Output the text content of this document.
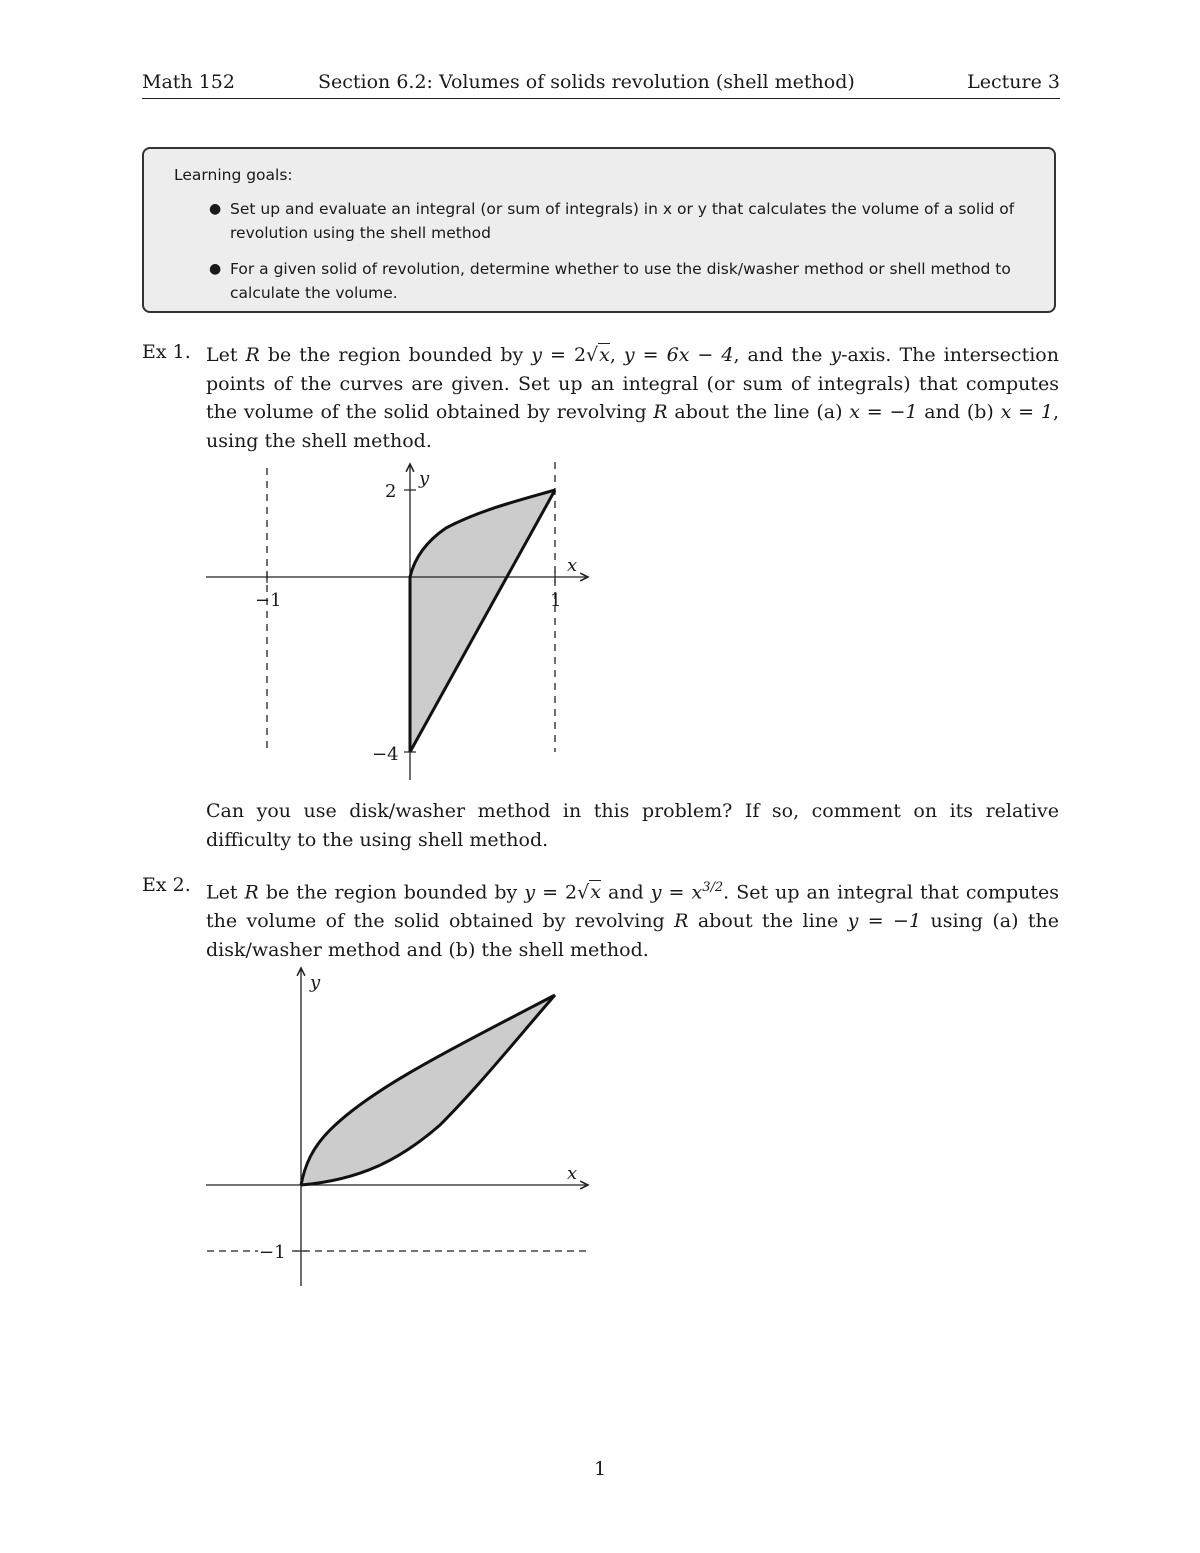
Math 152	Section 6.2: Volumes of solids revolution (shell method)	Lecture 3
Learning goals:
● Set up and evaluate an integral (or sum of integrals) in x or y that calculates the volume of a solid of revolution using the shell method
● For a given solid of revolution, determine whether to use the disk/washer method or shell method to calculate the volume.
Ex 1. Let R be the region bounded by y = 2√x, y = 6x − 4, and the y-axis. The intersection points of the curves are given. Set up an integral (or sum of integrals) that computes the volume of the solid obtained by revolving R about the line (a) x = −1 and (b) x = 1, using the shell method.
2
−4
−1	1
x
y
Can you use disk/washer method in this problem? If so, comment on its relative difficulty to the using shell method.
Ex 2. Let R be the region bounded by y = 2√x and $y = x^{3/2}$. Set up an integral that computes the volume of the solid obtained by revolving R about the line y = −1 using (a) the disk/washer method and (b) the shell method.
−1
x
y
1
